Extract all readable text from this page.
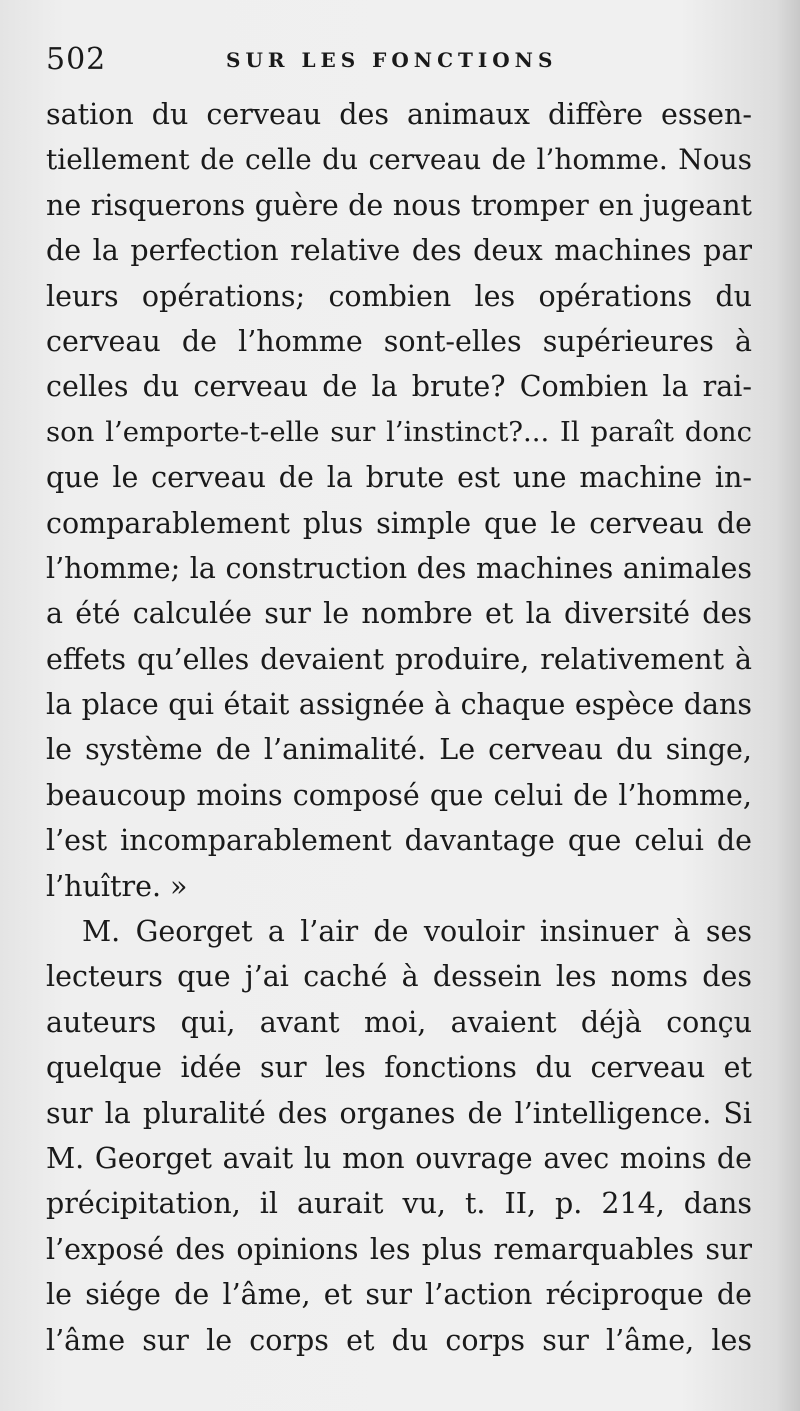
502	SUR LES FONCTIONS
sation du cerveau des animaux diffère essen-
tiellement de celle du cerveau de l’homme. Nous
ne risquerons guère de nous tromper en jugeant
de la perfection relative des deux machines par
leurs opérations; combien les opérations du
cerveau de l’homme sont-elles supérieures à
celles du cerveau de la brute? Combien la rai-
son l’emporte-t-elle sur l’instinct?... Il paraît donc
que le cerveau de la brute est une machine in-
comparablement plus simple que le cerveau de
l’homme; la construction des machines animales
a été calculée sur le nombre et la diversité des
effets qu’elles devaient produire, relativement à
la place qui était assignée à chaque espèce dans
le système de l’animalité. Le cerveau du singe,
beaucoup moins composé que celui de l’homme,
l’est incomparablement davantage que celui de
l’huître. »
M. Georget a l’air de vouloir insinuer à ses
lecteurs que j’ai caché à dessein les noms des
auteurs qui, avant moi, avaient déjà conçu
quelque idée sur les fonctions du cerveau et
sur la pluralité des organes de l’intelligence. Si
M. Georget avait lu mon ouvrage avec moins de
précipitation, il aurait vu, t. II, p. 214, dans
l’exposé des opinions les plus remarquables sur
le siége de l’âme, et sur l’action réciproque de
l’âme sur le corps et du corps sur l’âme, les
